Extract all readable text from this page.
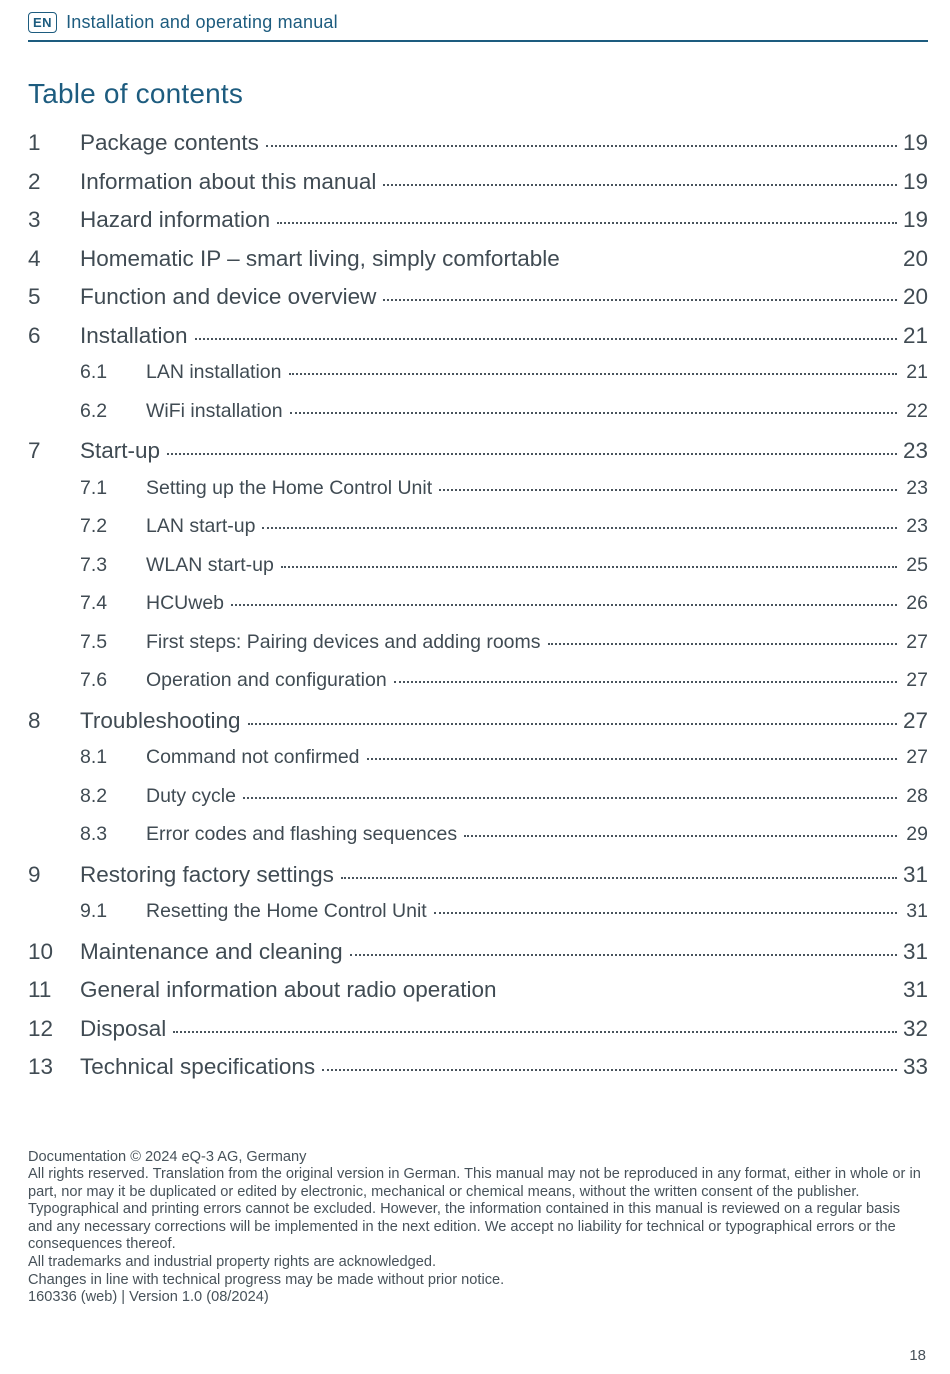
EN Installation and operating manual
Table of contents
1	Package contents	19
2	Information about this manual	19
3	Hazard information	19
4	Homematic IP – smart living, simply comfortable	20
5	Function and device overview	20
6	Installation	21
6.1	LAN installation	21
6.2	WiFi installation	22
7	Start-up	23
7.1	Setting up the Home Control Unit	23
7.2	LAN start-up	23
7.3	WLAN start-up	25
7.4	HCUweb	26
7.5	First steps: Pairing devices and adding rooms	27
7.6	Operation and configuration	27
8	Troubleshooting	27
8.1	Command not confirmed	27
8.2	Duty cycle	28
8.3	Error codes and flashing sequences	29
9	Restoring factory settings	31
9.1	Resetting the Home Control Unit	31
10	Maintenance and cleaning	31
11	General information about radio operation	31
12	Disposal	32
13	Technical specifications	33

Documentation © 2024 eQ-3 AG, Germany

All rights reserved. Translation from the original version in German. This manual may not be reproduced in any format, either in whole or in part, nor may it be duplicated or edited by electronic, mechanical or chemical means, without the written consent of the publisher.

Typographical and printing errors cannot be excluded. However, the information contained in this manual is reviewed on a regular basis and any necessary corrections will be implemented in the next edition. We accept no liability for technical or typographical errors or the consequences thereof.

All trademarks and industrial property rights are acknowledged.

Changes in line with technical progress may be made without prior notice.

160336 (web) | Version 1.0 (08/2024)

18
